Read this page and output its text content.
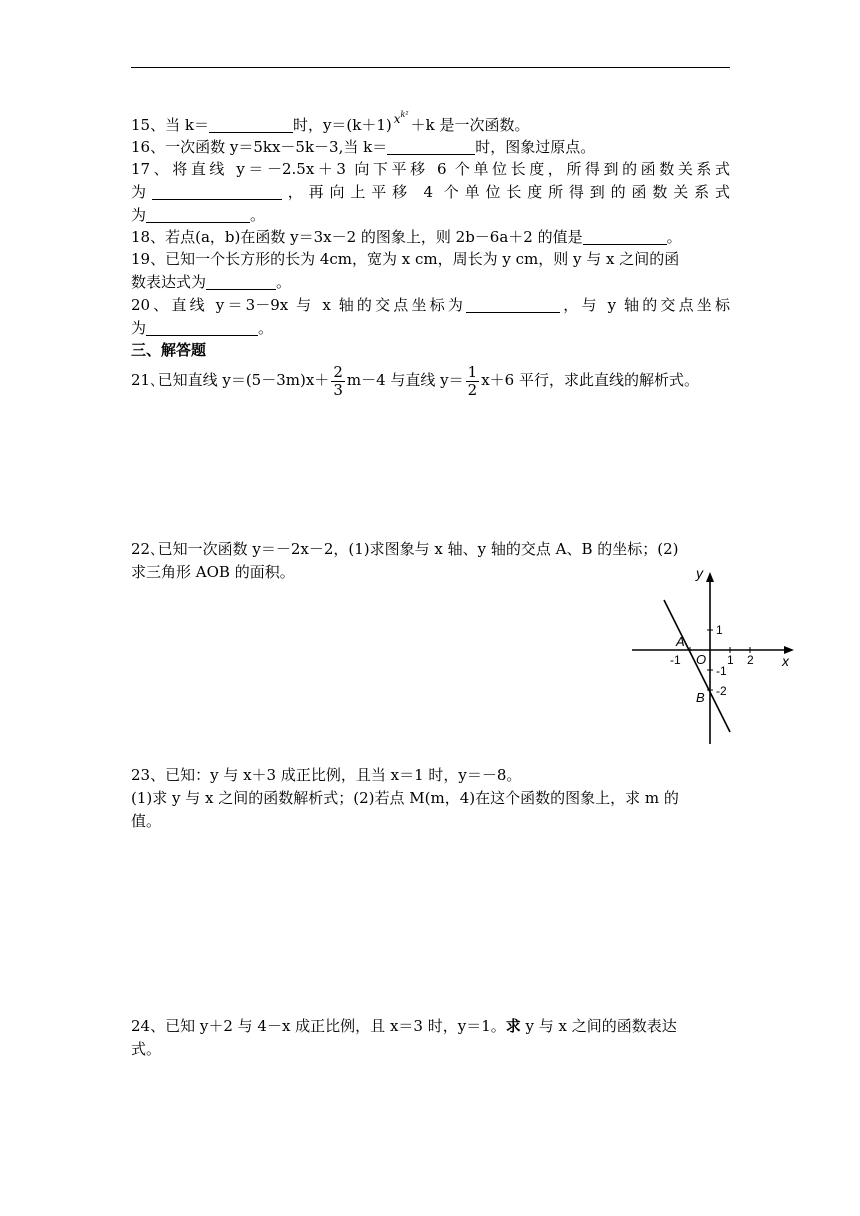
15、当 k＝	时，y＝(k＋1) $^{x^{k^2}}$＋k 是一次函数。
16、一次函数 y＝5kx－5k－3,当 k＝	时，图象过原点。
17、将直线 y＝－2.5x＋3 向下平移 6 个单位长度，所得到的函数关系式
为	，再向上平移 4 个单位长度所得到的函数关系式
为	。
18、若点(a，b)在函数 y＝3x－2 的图象上，则 2b－6a＋2 的值是	。
19、已知一个长方形的长为 4cm，宽为 x cm，周长为 y cm，则 y 与 x 之间的函
数表达式为	。
20、直线 y＝3－9x 与 x 轴的交点坐标为	，与 y 轴的交点坐标
为	。
三、解答题
21､已知直线 $y=(5-3m)x+ \frac{2}{3} m-4$ 与直线 $y= \frac{1}{2} x+6$ 平行，求此直线的解析式。
22､已知一次函数 y＝－2x－2，(1)求图象与 x 轴、y 轴的交点 A、B 的坐标；(2)
求三角形 AOB 的面积。	y
x
O
A
B
-1	1 2
1
-1
-2
23、已知：y 与 x＋3 成正比例，且当 x＝1 时，y＝－8。
(1)求 y 与 x 之间的函数解析式；(2)若点 M(m，4)在这个函数的图象上，求 m 的
值。
24、已知 y＋2 与 4－x 成正比例，且 x＝3 时，y＝1。求 y 与 x 之间的函数表达
式。
